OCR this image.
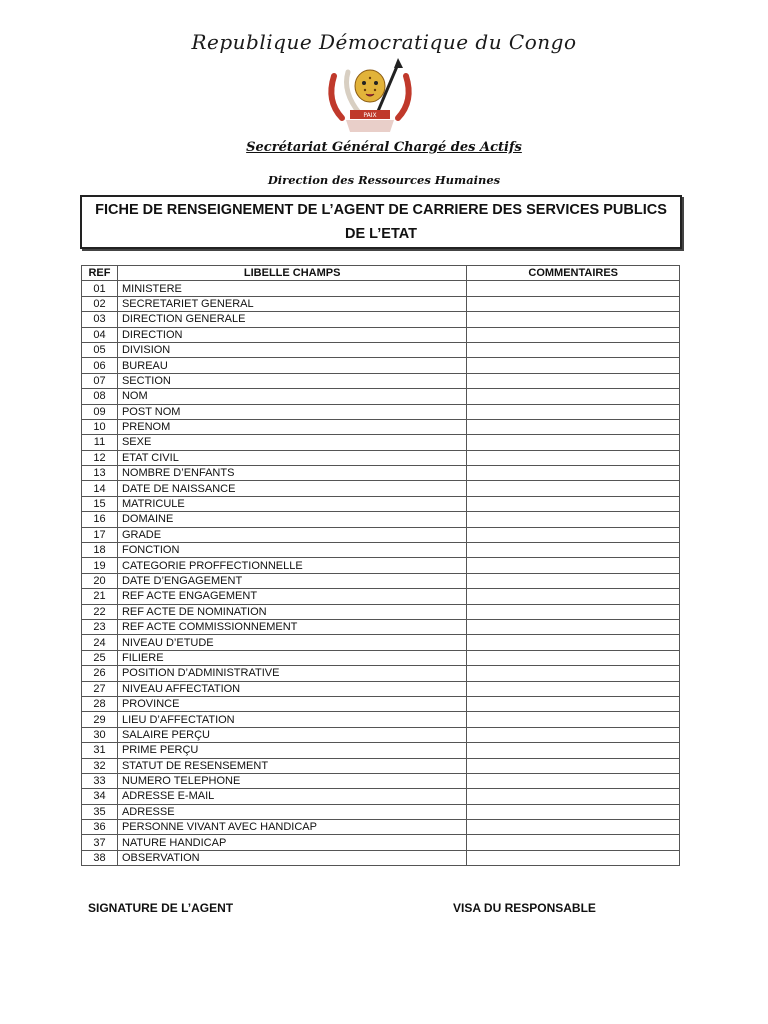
Republique Démocratique du Congo
PAIX
Secrétariat Général Chargé des Actifs
Direction des Ressources Humaines
FICHE DE RENSEIGNEMENT DE L’AGENT DE CARRIERE DES SERVICES PUBLICS
DE L’ETAT
REF	LIBELLE CHAMPS	COMMENTAIRES
01	MINISTERE	
02	SECRETARIET GENERAL	
03	DIRECTION GENERALE	
04	DIRECTION	
05	DIVISION	
06	BUREAU	
07	SECTION	
08	NOM	
09	POST NOM	
10	PRENOM	
11	SEXE	
12	ETAT CIVIL	
13	NOMBRE D’ENFANTS	
14	DATE DE NAISSANCE	
15	MATRICULE	
16	DOMAINE	
17	GRADE	
18	FONCTION	
19	CATEGORIE PROFFECTIONNELLE	
20	DATE D’ENGAGEMENT	
21	REF ACTE ENGAGEMENT	
22	REF ACTE DE NOMINATION	
23	REF ACTE COMMISSIONNEMENT	
24	NIVEAU D’ETUDE	
25	FILIERE	
26	POSITION D’ADMINISTRATIVE	
27	NIVEAU AFFECTATION	
28	PROVINCE	
29	LIEU D’AFFECTATION	
30	SALAIRE PERÇU	
31	PRIME PERÇU	
32	STATUT DE RESENSEMENT	
33	NUMERO TELEPHONE	
34	ADRESSE E-MAIL	
35	ADRESSE	
36	PERSONNE VIVANT AVEC HANDICAP	
37	NATURE HANDICAP	
38	OBSERVATION	
SIGNATURE DE L’AGENT	VISA DU RESPONSABLE
